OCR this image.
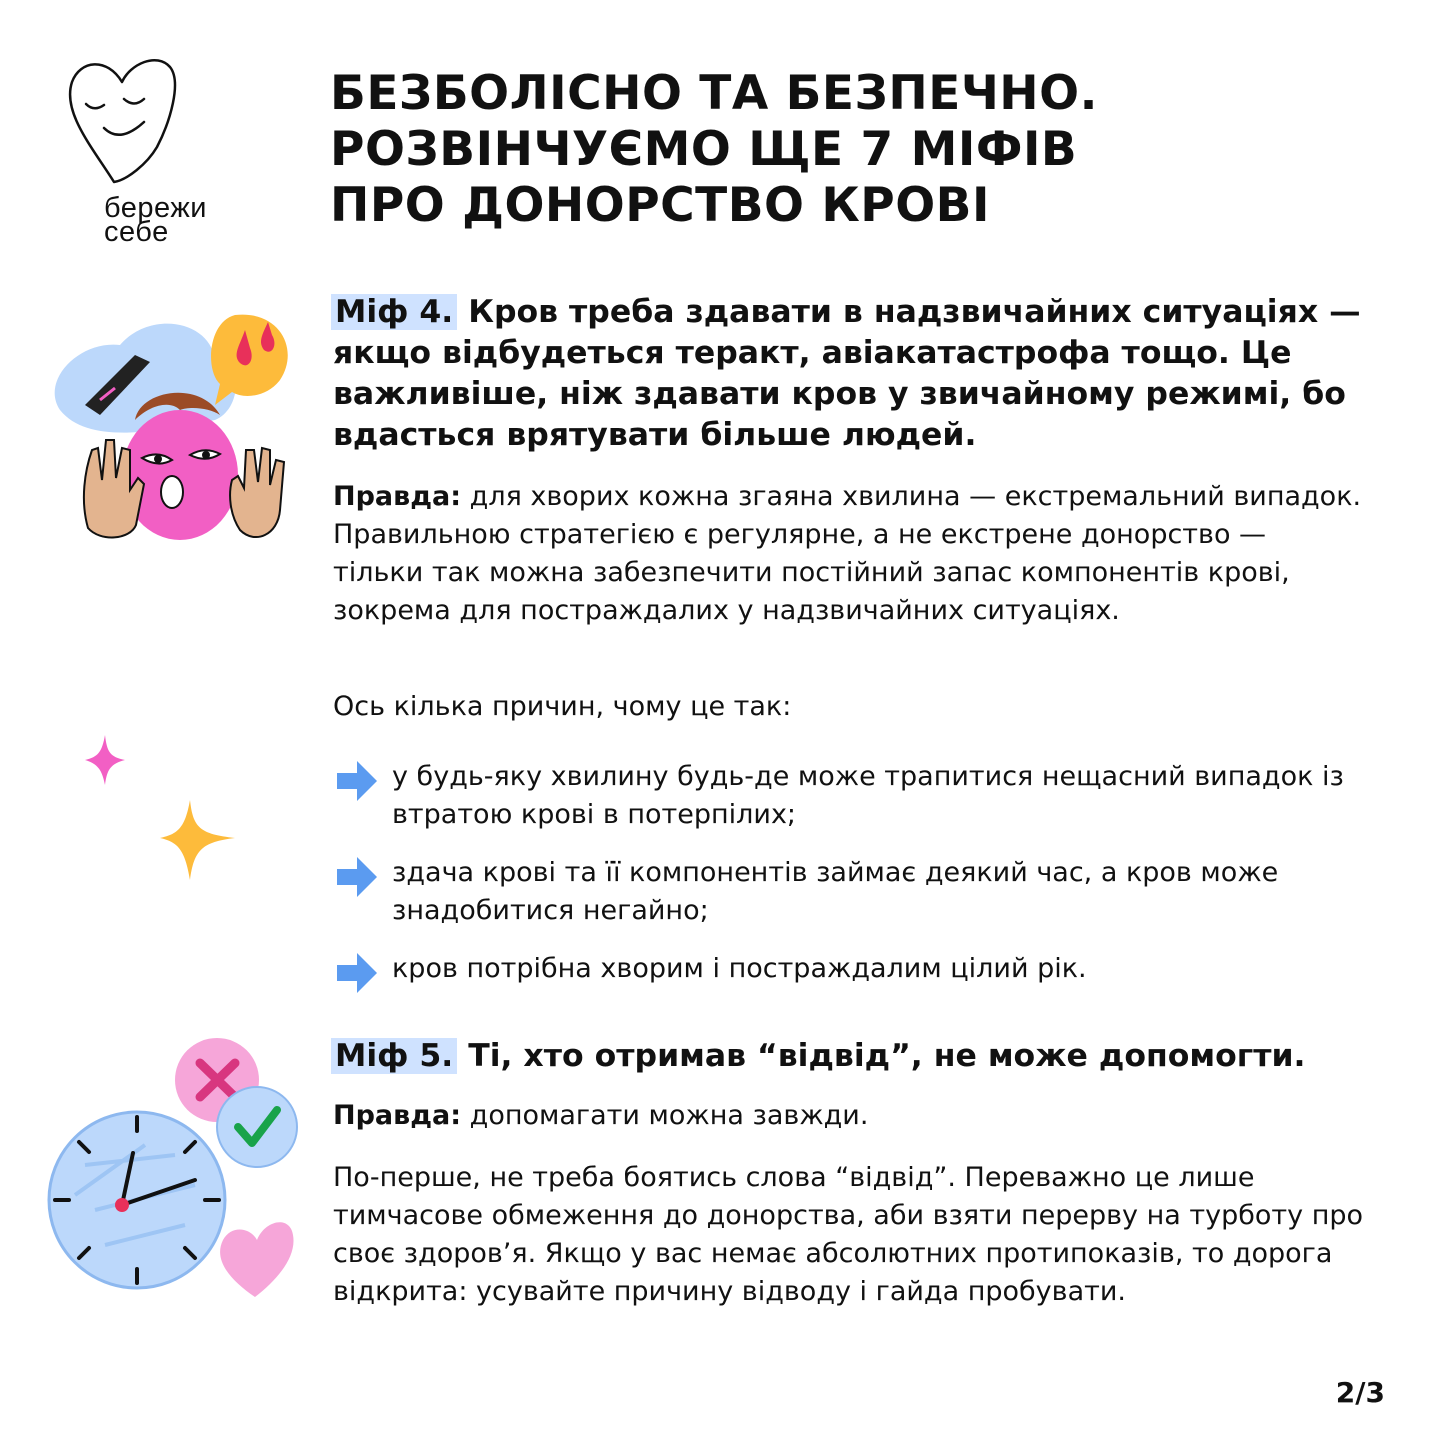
бережи
себе
БЕЗБОЛІСНО ТА БЕЗПЕЧНО.
РОЗВІНЧУЄМО ЩЕ 7 МІФІВ
ПРО ДОНОРСТВО КРОВІ
Міф 4. Кров треба здавати в надзвичайних ситуаціях — якщо відбудеться теракт, авіакатастрофа тощо. Це важливіше, ніж здавати кров у звичайному режимі, бо вдасться врятувати більше людей.

Правда: для хворих кожна згаяна хвилина — екстремальний випадок. Правильною стратегією є регулярне, а не екстрене донорство — тільки так можна забезпечити постійний запас компонентів крові, зокрема для постраждалих у надзвичайних ситуаціях.

Ось кілька причин, чому це так:

у будь-яку хвилину будь-де може трапитися нещасний випадок із втратою крові в потерпілих;

здача крові та її компонентів займає деякий час, а кров може знадобитися негайно;

кров потрібна хворим і постраждалим цілий рік.

Міф 5. Ті, хто отримав “відвід”, не може допомогти.

Правда: допомагати можна завжди.

По-перше, не треба боятись слова “відвід”. Переважно це лише тимчасове обмеження до донорства, аби взяти перерву на турботу про своє здоров’я. Якщо у вас немає абсолютних протипоказів, то дорога відкрита: усувайте причину відводу і гайда пробувати.

2/3
